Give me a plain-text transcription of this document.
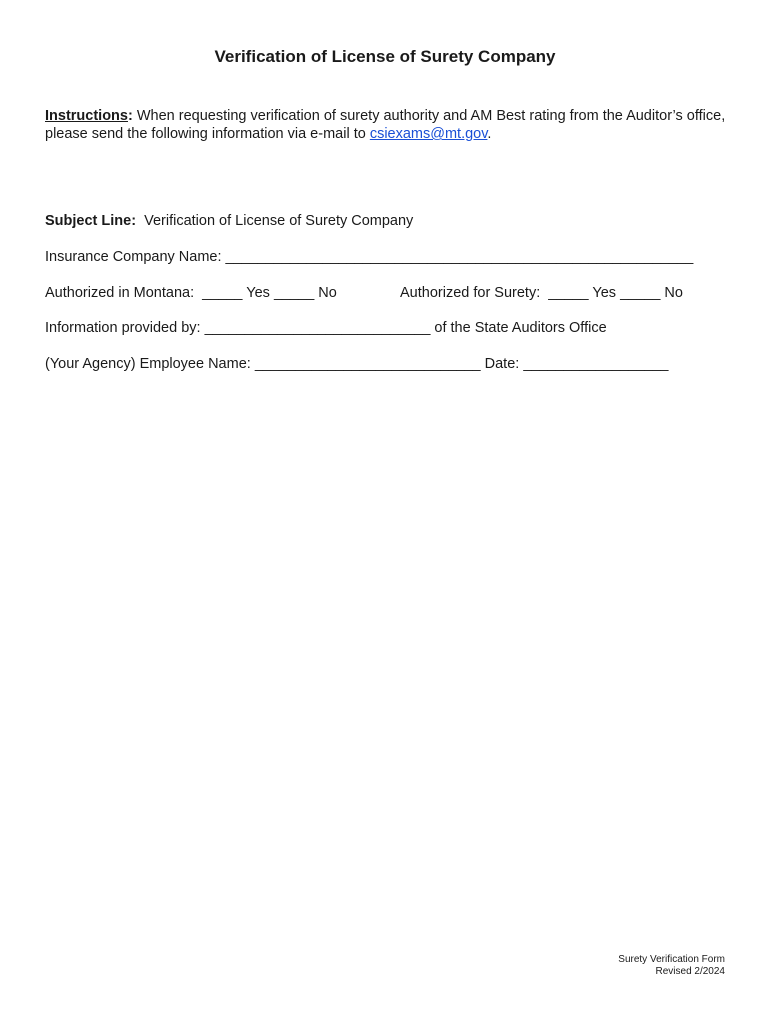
Verification of License of Surety Company
Instructions: When requesting verification of surety authority and AM Best rating from the Auditor’s office, please send the following information via e-mail to csiexams@mt.gov.
Subject Line:  Verification of License of Surety Company
Insurance Company Name: __________________________________________________________
Authorized in Montana:  _____ Yes _____ No	Authorized for Surety:  _____ Yes _____ No
Information provided by: ____________________________ of the State Auditors Office
(Your Agency) Employee Name: ____________________________ Date: __________________
Surety Verification Form
Revised 2/2024
